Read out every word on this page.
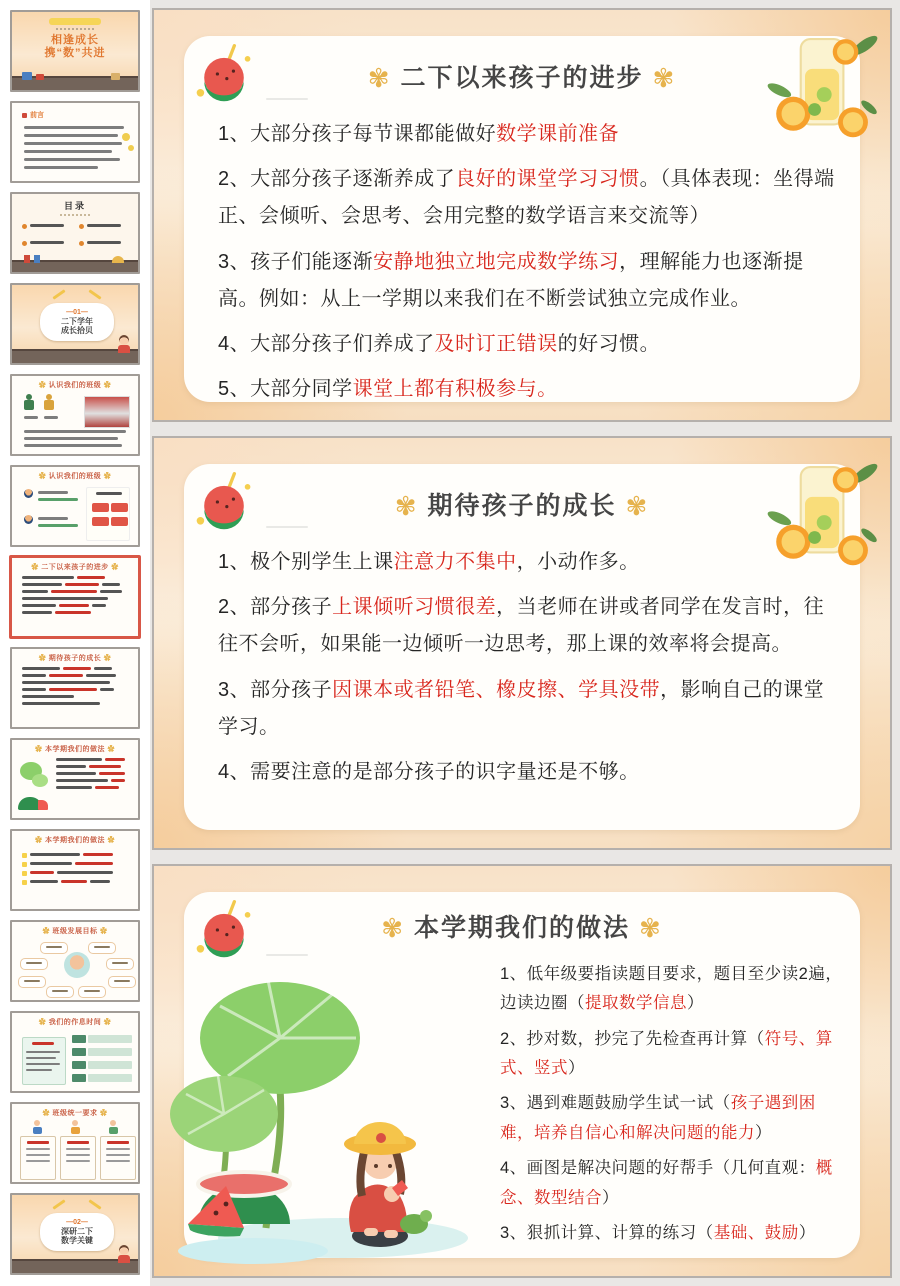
相逢成长
携“数”共进
前言
目录
—01—
二下学年
成长拾贝
✿ 认识我们的班级 ✿
✿ 认识我们的班级 ✿
✿ 二下以来孩子的进步 ✿
✿ 期待孩子的成长 ✿
✿ 本学期我们的做法 ✿
✿ 本学期我们的做法 ✿
✿ 班级发展目标 ✿
✿ 我们的作息时间 ✿
✿ 班级统一要求 ✿
—02—
深研二下
数学关键
✾ 二下以来孩子的进步 ✾

1、大部分孩子每节课都能做好数学课前准备

2、大部分孩子逐渐养成了良好的课堂学习习惯。（具体表现：坐得端正、会倾听、会思考、会用完整的数学语言来交流等）

3、孩子们能逐渐安静地独立地完成数学练习，理解能力也逐渐提高。例如：从上一学期以来我们在不断尝试独立完成作业。

4、大部分孩子们养成了及时订正错误的好习惯。

5、大部分同学课堂上都有积极参与。

✾ 期待孩子的成长 ✾

1、极个别学生上课注意力不集中，小动作多。

2、部分孩子上课倾听习惯很差，当老师在讲或者同学在发言时，往往不会听，如果能一边倾听一边思考，那上课的效率将会提高。

3、部分孩子因课本或者铅笔、橡皮擦、学具没带，影响自己的课堂学习。

4、需要注意的是部分孩子的识字量还是不够。

✾ 本学期我们的做法 ✾

1、低年级要指读题目要求，题目至少读2遍，边读边圈（提取数学信息）

2、抄对数，抄完了先检查再计算（符号、算式、竖式）

3、遇到难题鼓励学生试一试（孩子遇到困难，培养自信心和解决问题的能力）

4、画图是解决问题的好帮手（几何直观：概念、数型结合）

3、狠抓计算、计算的练习（基础、鼓励）
